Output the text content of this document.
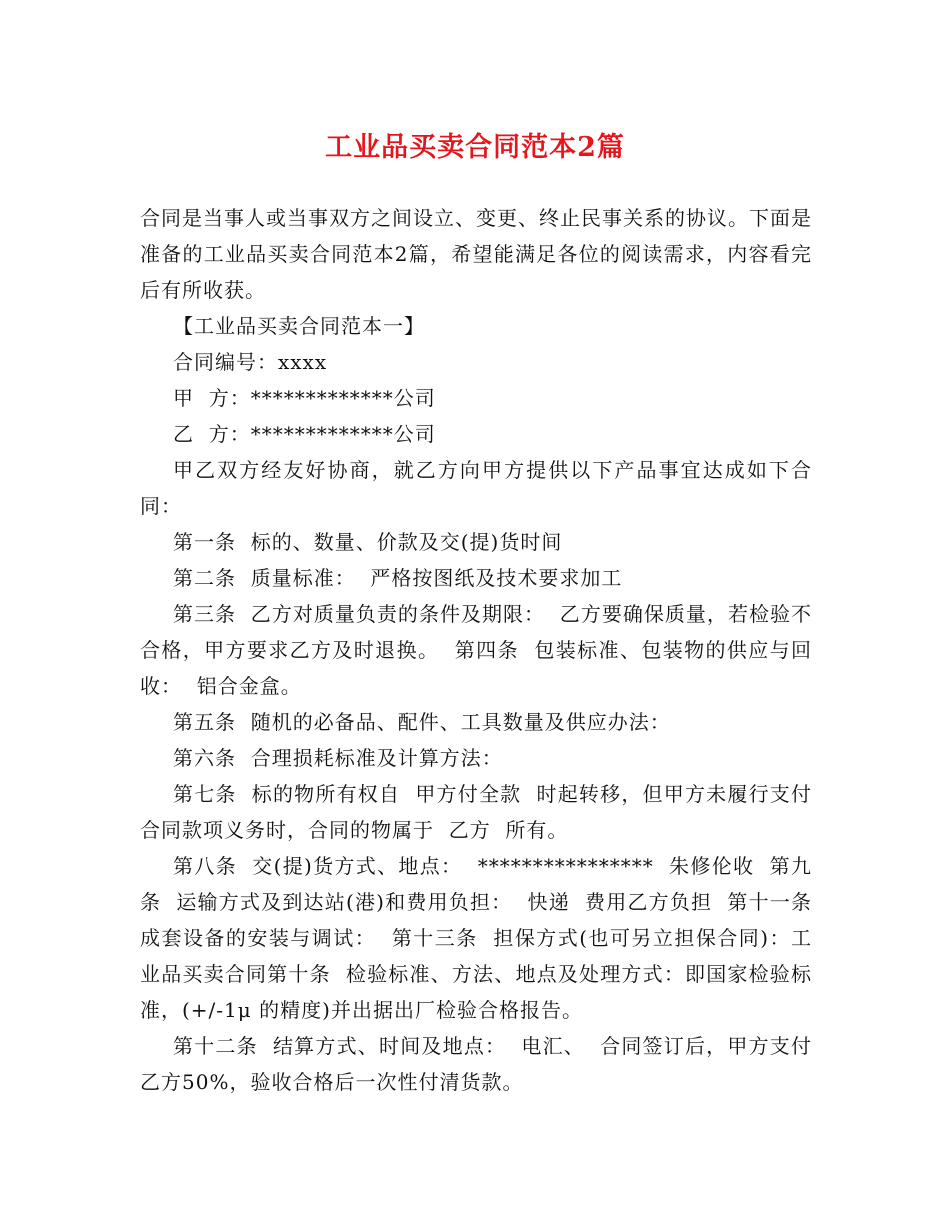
工业品买卖合同范本2篇

合同是当事人或当事双方之间设立、变更、终止民事关系的协议。下面是准备的工业品买卖合同范本2篇，希望能满足各位的阅读需求，内容看完后有所收获。

【工业品买卖合同范本一】

合同编号：xxxx

甲  方：*************公司

乙  方：*************公司

甲乙双方经友好协商，就乙方向甲方提供以下产品事宜达成如下合同：

第一条  标的、数量、价款及交(提)货时间

第二条  质量标准：  严格按图纸及技术要求加工

第三条  乙方对质量负责的条件及期限：  乙方要确保质量，若检验不合格，甲方要求乙方及时退换。  第四条  包装标准、包装物的供应与回收：  铝合金盒。

第五条  随机的必备品、配件、工具数量及供应办法：

第六条  合理损耗标准及计算方法：

第七条  标的物所有权自  甲方付全款  时起转移，但甲方未履行支付合同款项义务时，合同的物属于  乙方  所有。

第八条  交(提)货方式、地点：  ****************  朱修伦收  第九条  运输方式及到达站(港)和费用负担：  快递  费用乙方负担  第十一条  成套设备的安装与调试：  第十三条  担保方式(也可另立担保合同)：工业品买卖合同第十条  检验标准、方法、地点及处理方式：即国家检验标准，(+/-1μ 的精度)并出据出厂检验合格报告。

第十二条  结算方式、时间及地点：  电汇、  合同签订后，甲方支付乙方50%，验收合格后一次性付清货款。
